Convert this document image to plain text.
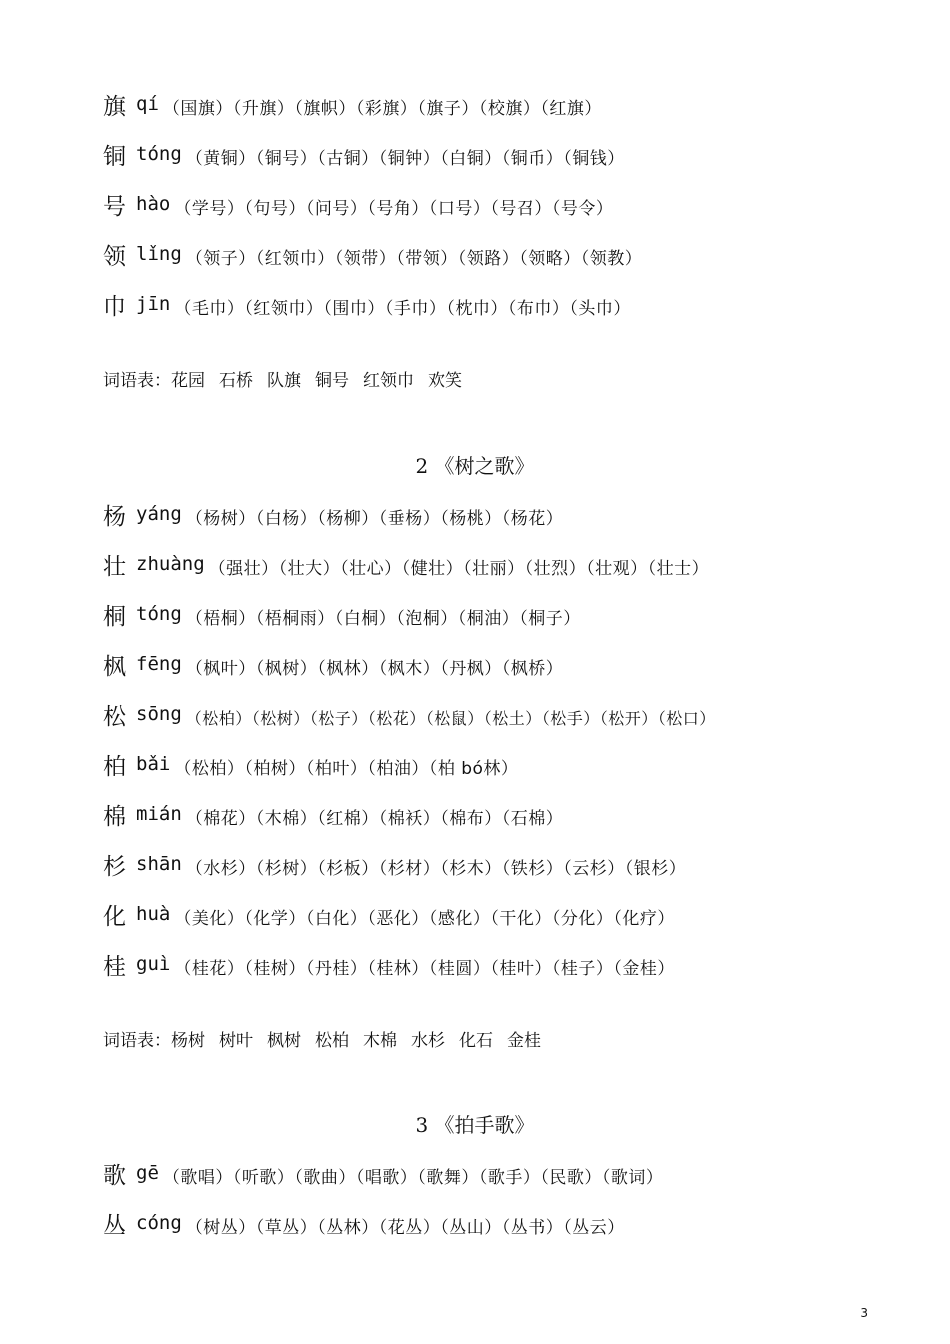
旗 qí （国旗）（升旗）（旗帜）（彩旗）（旗子）（校旗）（红旗）
铜 tóng （黄铜）（铜号）（古铜）（铜钟）（白铜）（铜币）（铜钱）
号 hào （学号）（句号）（问号）（号角）（口号）（号召）（号令）
领 lǐng （领子）（红领巾）（领带）（带领）（领路）（领略）（领教）
巾 jīn （毛巾）（红领巾）（围巾）（手巾）（枕巾）（布巾）（头巾）
词语表：花园 石桥 队旗 铜号 红领巾 欢笑
2 《树之歌》
杨 yáng （杨树）（白杨）（杨柳）（垂杨）（杨桃）（杨花）
壮 zhuàng （强壮）（壮大）（壮心）（健壮）（壮丽）（壮烈）（壮观）（壮士）
桐 tóng （梧桐）（梧桐雨）（白桐）（泡桐）（桐油）（桐子）
枫 fēng （枫叶）（枫树）（枫林）（枫木）（丹枫）（枫桥）
松 sōng （松柏）（松树）（松子）（松花）（松鼠）（松土）（松手）（松开）（松口）
柏 bǎi （松柏）（柏树）（柏叶）（柏油）（柏 bó林）
棉 mián （棉花）（木棉）（红棉）（棉袄）（棉布）（石棉）
杉 shān （水杉）（杉树）（杉板）（杉材）（杉木）（铁杉）（云杉）（银杉）
化 huà （美化）（化学）（白化）（恶化）（感化）（干化）（分化）（化疗）
桂 guì （桂花）（桂树）（丹桂）（桂林）（桂圆）（桂叶）（桂子）（金桂）
词语表：杨树 树叶 枫树 松柏 木棉 水杉 化石 金桂
3 《拍手歌》
歌 gē （歌唱）（听歌）（歌曲）（唱歌）（歌舞）（歌手）（民歌）（歌词）
丛 cóng （树丛）（草丛）（丛林）（花丛）（丛山）（丛书）（丛云）
3
